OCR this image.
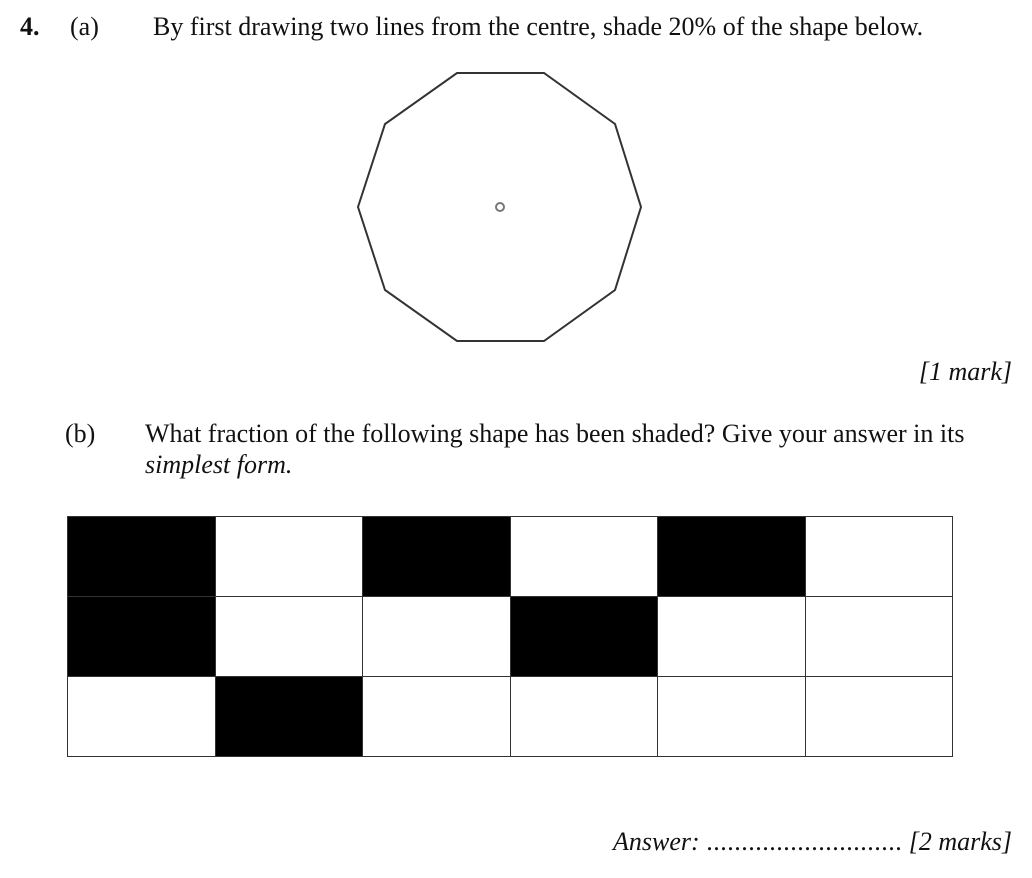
4. (a) By first drawing two lines from the centre, shade 20% of the shape below.
[1 mark]
(b) What fraction of the following shape has been shaded? Give your answer in its
simplest form.
Answer: ............................ [2 marks]
